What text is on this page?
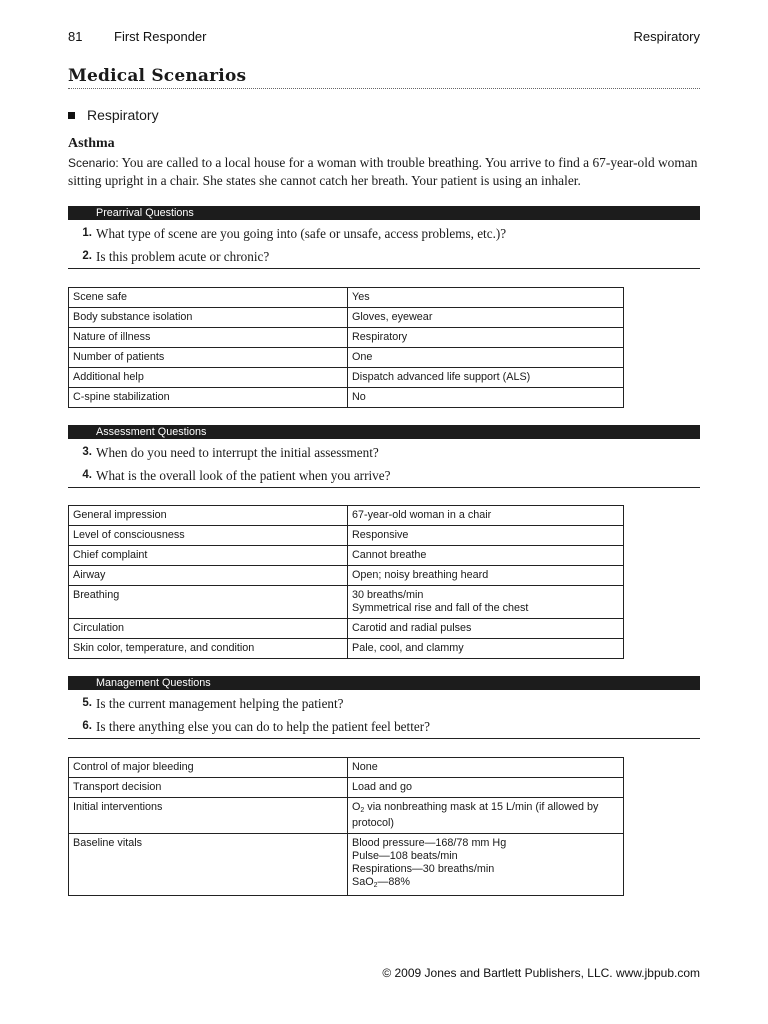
81 First Responder	Respiratory
Medical Scenarios
Respiratory
Asthma
Scenario: You are called to a local house for a woman with trouble breathing. You arrive to find a 67-year-old woman sitting upright in a chair. She states she cannot catch her breath. Your patient is using an inhaler.
Prearrival Questions
1. What type of scene are you going into (safe or unsafe, access problems, etc.)?
2. Is this problem acute or chronic?
Scene safe	Yes
Body substance isolation	Gloves, eyewear
Nature of illness	Respiratory
Number of patients	One
Additional help	Dispatch advanced life support (ALS)
C-spine stabilization	No
Assessment Questions
3. When do you need to interrupt the initial assessment?
4. What is the overall look of the patient when you arrive?
General impression	67-year-old woman in a chair
Level of consciousness	Responsive
Chief complaint	Cannot breathe
Airway	Open; noisy breathing heard
Breathing	30 breaths/min
Symmetrical rise and fall of the chest

Circulation	Carotid and radial pulses
Skin color, temperature, and condition	Pale, cool, and clammy
Management Questions
5. Is the current management helping the patient?
6. Is there anything else you can do to help the patient feel better?
Control of major bleeding	None
Transport decision	Load and go
Initial interventions	$O_2$ via nonbreathing mask at 15 L/min (if allowed by protocol)
Baseline vitals	Blood pressure—168/78 mm Hg
Pulse—108 beats/min
Respirations—30 breaths/min
SaO$_2$—88%
© 2009 Jones and Bartlett Publishers, LLC. www.jbpub.com
